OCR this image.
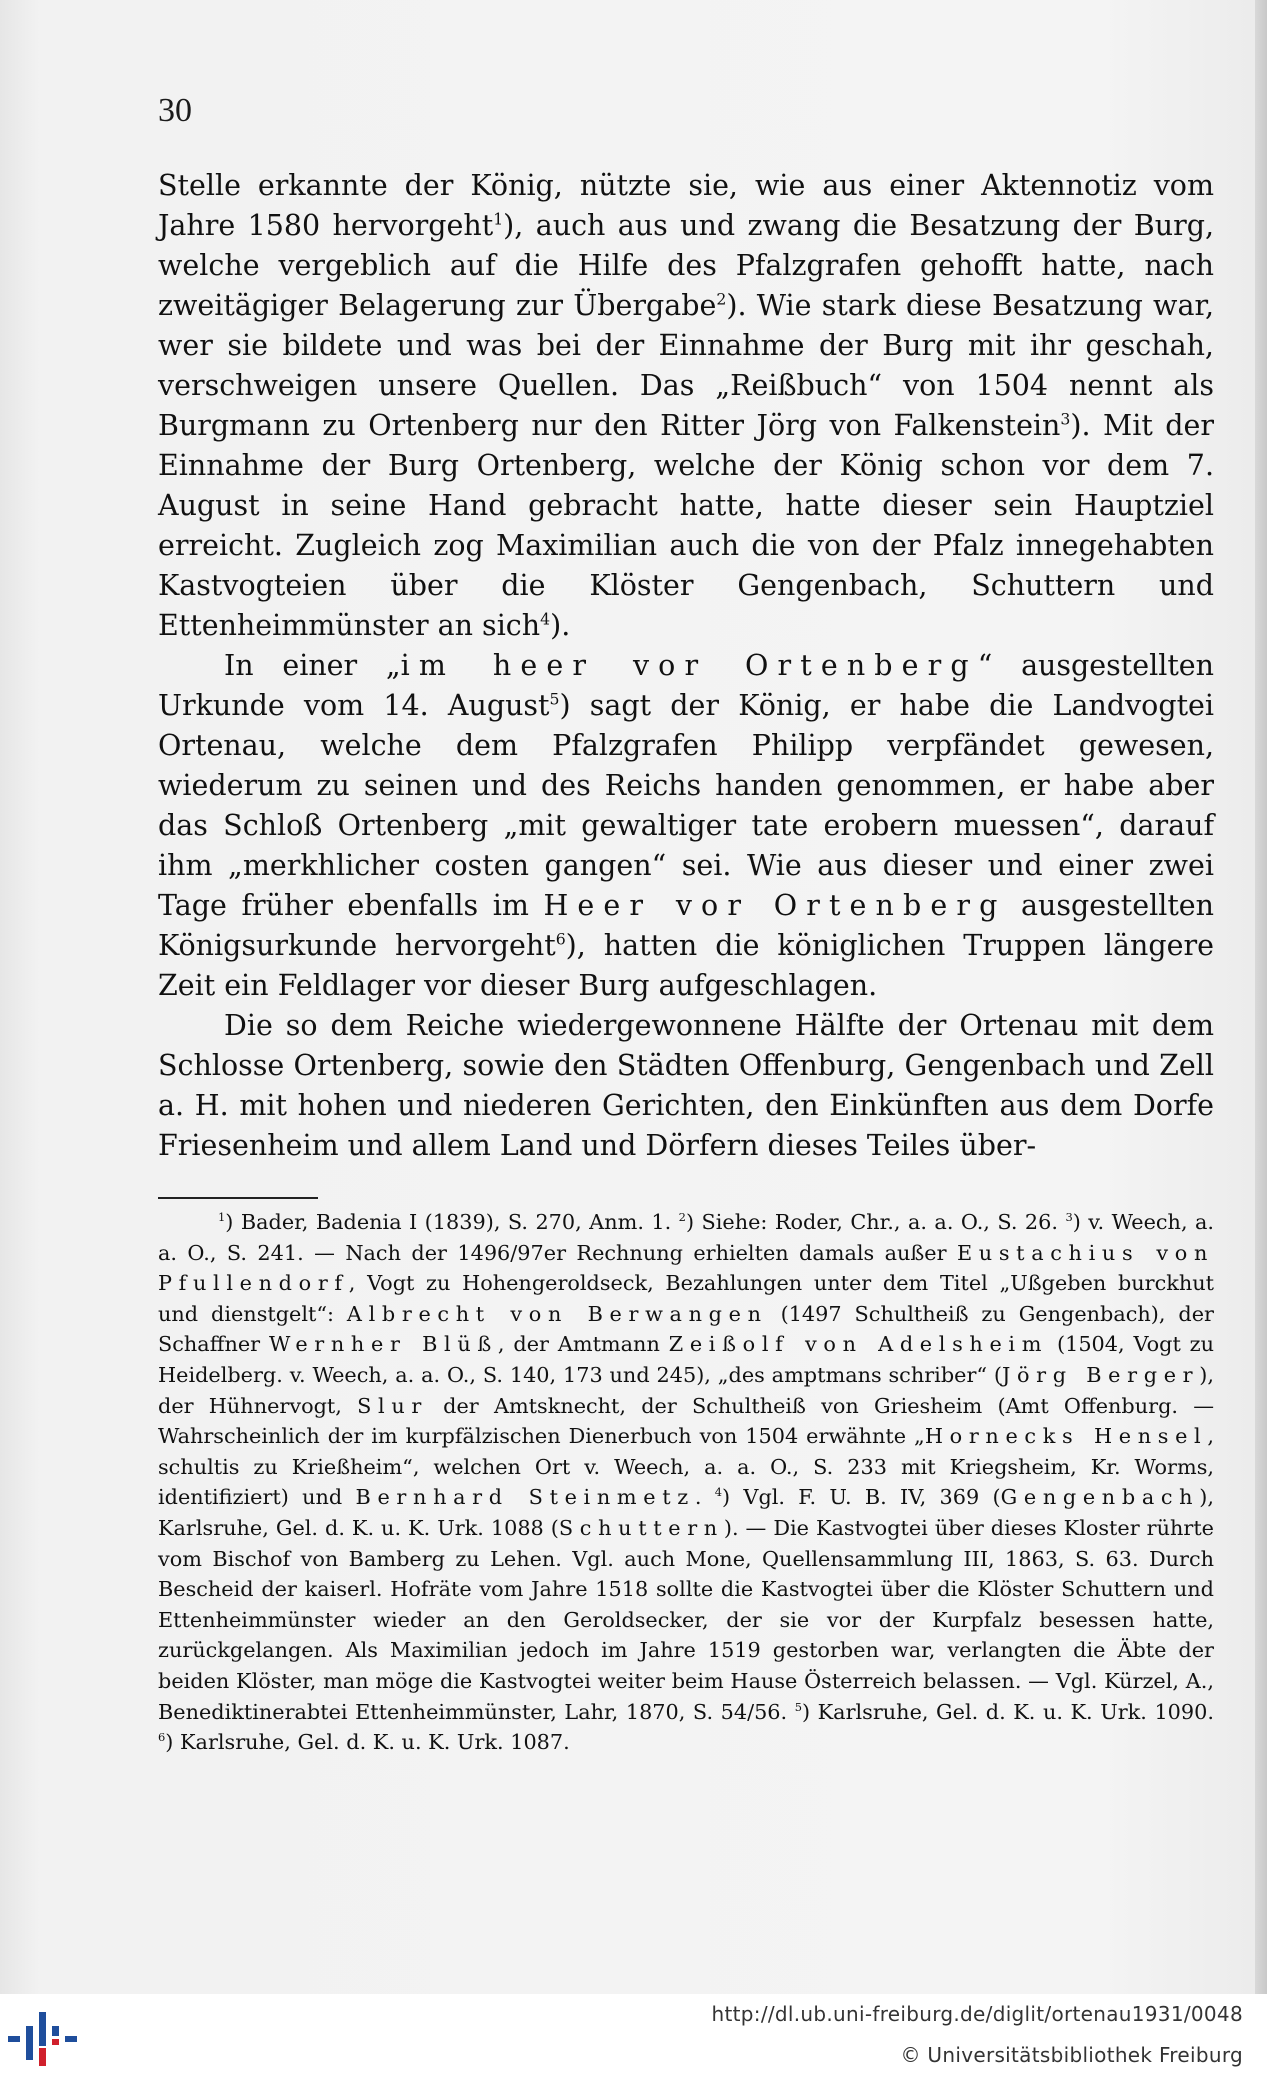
30

Stelle erkannte der König, nützte sie, wie aus einer Aktennotiz vom Jahre 1580 hervorgeht$^1$), auch aus und zwang die Besatzung der Burg, welche vergeblich auf die Hilfe des Pfalzgrafen gehofft hatte, nach zweitägiger Belagerung zur Übergabe$^2$). Wie stark diese Besatzung war, wer sie bildete und was bei der Einnahme der Burg mit ihr geschah, verschweigen unsere Quellen. Das „Reißbuch“ von 1504 nennt als Burgmann zu Ortenberg nur den Ritter Jörg von Falkenstein$^3$). Mit der Einnahme der Burg Ortenberg, welche der König schon vor dem 7. August in seine Hand gebracht hatte, hatte dieser sein Hauptziel erreicht. Zugleich zog Maximilian auch die von der Pfalz innegehabten Kastvogteien über die Klöster Gengenbach, Schuttern und Ettenheimmünster an sich$^4$).

In einer „im heer vor Ortenberg“ ausgestellten Urkunde vom 14. August$^5$) sagt der König, er habe die Landvogtei Ortenau, welche dem Pfalzgrafen Philipp verpfändet gewesen, wiederum zu seinen und des Reichs handen genommen, er habe aber das Schloß Ortenberg „mit gewaltiger tate erobern muessen“, darauf ihm „merkhlicher costen gangen“ sei. Wie aus dieser und einer zwei Tage früher ebenfalls im Heer vor Ortenberg ausgestellten Königsurkunde hervorgeht$^6$), hatten die königlichen Truppen längere Zeit ein Feldlager vor dieser Burg aufgeschlagen.

Die so dem Reiche wiedergewonnene Hälfte der Ortenau mit dem Schlosse Ortenberg, sowie den Städten Offenburg, Gengenbach und Zell a. H. mit hohen und niederen Gerichten, den Einkünften aus dem Dorfe Friesenheim und allem Land und Dörfern dieses Teiles über-

$^1$) Bader, Badenia I (1839), S. 270, Anm. 1. $^2$) Siehe: Roder, Chr., a. a. O., S. 26. $^3$) v. Weech, a. a. O., S. 241. — Nach der 1496/97er Rechnung erhielten damals außer Eustachius von Pfullendorf, Vogt zu Hohengeroldseck, Bezahlungen unter dem Titel „Ußgeben burckhut und dienstgelt“: Albrecht von Berwangen (1497 Schultheiß zu Gengenbach), der Schaffner Wernher Blüß, der Amtmann Zeißolf von Adelsheim (1504, Vogt zu Heidelberg. v. Weech, a. a. O., S. 140, 173 und 245), „des amptmans schriber“ (Jörg Berger), der Hühnervogt, Slur der Amtsknecht, der Schultheiß von Griesheim (Amt Offenburg. — Wahrscheinlich der im kurpfälzischen Dienerbuch von 1504 erwähnte „Hornecks Hensel, schultis zu Krießheim“, welchen Ort v. Weech, a. a. O., S. 233 mit Kriegsheim, Kr. Worms, identifiziert) und Bernhard Steinmetz. $^4$) Vgl. F. U. B. IV, 369 (Gengenbach), Karlsruhe, Gel. d. K. u. K. Urk. 1088 (Schuttern). — Die Kastvogtei über dieses Kloster rührte vom Bischof von Bamberg zu Lehen. Vgl. auch Mone, Quellensammlung III, 1863, S. 63. Durch Bescheid der kaiserl. Hofräte vom Jahre 1518 sollte die Kastvogtei über die Klöster Schuttern und Ettenheimmünster wieder an den Geroldsecker, der sie vor der Kurpfalz besessen hatte, zurückgelangen. Als Maximilian jedoch im Jahre 1519 gestorben war, verlangten die Äbte der beiden Klöster, man möge die Kastvogtei weiter beim Hause Österreich belassen. — Vgl. Kürzel, A., Benediktinerabtei Ettenheimmünster, Lahr, 1870, S. 54/56. $^5$) Karlsruhe, Gel. d. K. u. K. Urk. 1090. $^6$) Karlsruhe, Gel. d. K. u. K. Urk. 1087.

http://dl.ub.uni-freiburg.de/diglit/ortenau1931/0048
© Universitätsbibliothek Freiburg
